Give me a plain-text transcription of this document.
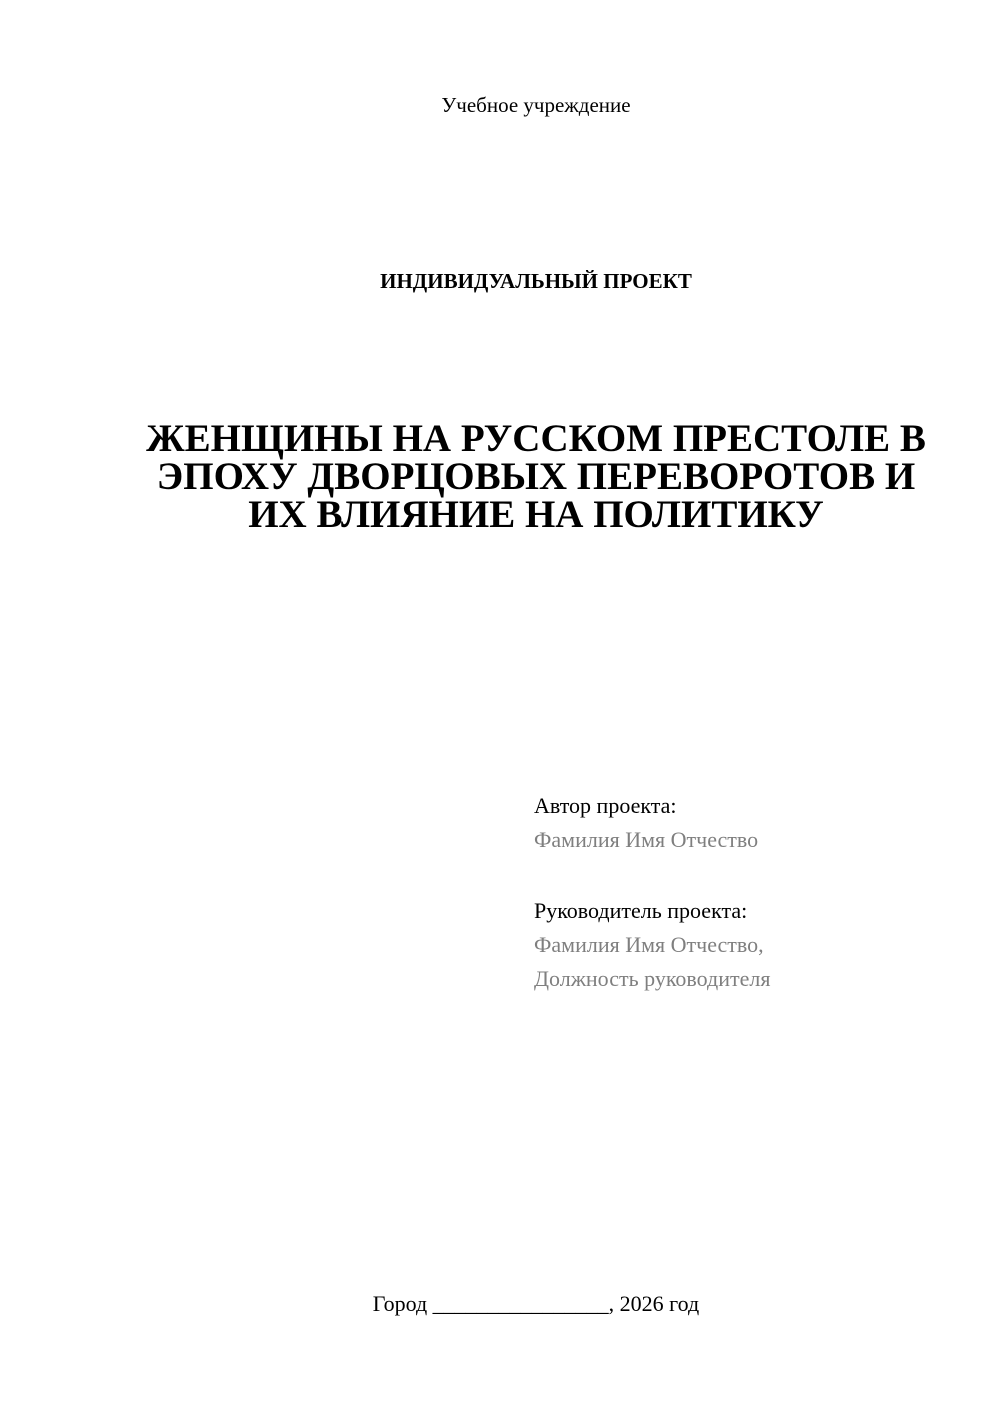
Учебное учреждение
ИНДИВИДУАЛЬНЫЙ ПРОЕКТ
ЖЕНЩИНЫ НА РУССКОМ ПРЕСТОЛЕ В
ЭПОХУ ДВОРЦОВЫХ ПЕРЕВОРОТОВ И
ИХ ВЛИЯНИЕ НА ПОЛИТИКУ
Автор проекта:
Фамилия Имя Отчество
Руководитель проекта:
Фамилия Имя Отчество,
Должность руководителя
Город ________________, 2026 год
